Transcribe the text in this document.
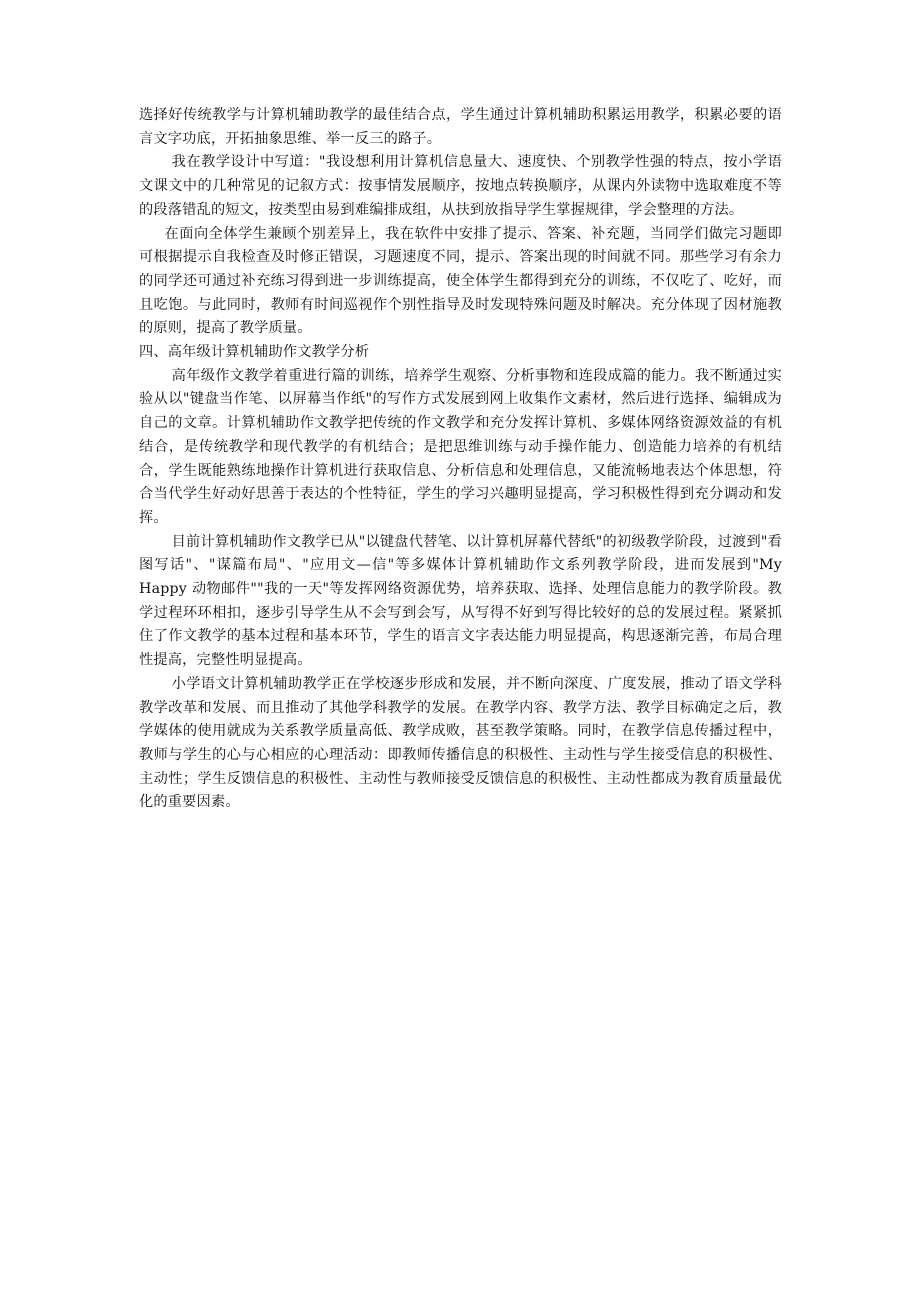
选择好传统教学与计算机辅助教学的最佳结合点，学生通过计算机辅助积累运用教学，积累必要的语言文字功底，开拓抽象思维、举一反三的路子。

我在教学设计中写道："我设想利用计算机信息量大、速度快、个别教学性强的特点，按小学语文课文中的几种常见的记叙方式：按事情发展顺序，按地点转换顺序，从课内外读物中选取难度不等的段落错乱的短文，按类型由易到难编排成组，从扶到放指导学生掌握规律，学会整理的方法。

在面向全体学生兼顾个别差异上，我在软件中安排了提示、答案、补充题，当同学们做完习题即可根据提示自我检查及时修正错误，习题速度不同，提示、答案出现的时间就不同。那些学习有余力的同学还可通过补充练习得到进一步训练提高，使全体学生都得到充分的训练，不仅吃了、吃好，而且吃饱。与此同时，教师有时间巡视作个别性指导及时发现特殊问题及时解决。充分体现了因材施教的原则，提高了教学质量。

四、高年级计算机辅助作文教学分析

高年级作文教学着重进行篇的训练，培养学生观察、分析事物和连段成篇的能力。我不断通过实验从以"键盘当作笔、以屏幕当作纸"的写作方式发展到网上收集作文素材，然后进行选择、编辑成为自己的文章。计算机辅助作文教学把传统的作文教学和充分发挥计算机、多媒体网络资源效益的有机结合，是传统教学和现代教学的有机结合；是把思维训练与动手操作能力、创造能力培养的有机结合，学生既能熟练地操作计算机进行获取信息、分析信息和处理信息，又能流畅地表达个体思想，符合当代学生好动好思善于表达的个性特征，学生的学习兴趣明显提高，学习积极性得到充分调动和发挥。

目前计算机辅助作文教学已从"以键盘代替笔、以计算机屏幕代替纸"的初级教学阶段，过渡到"看图写话"、"谋篇布局"、"应用文—信"等多媒体计算机辅助作文系列教学阶段，进而发展到"My Happy 动物邮件""我的一天"等发挥网络资源优势，培养获取、选择、处理信息能力的教学阶段。教学过程环环相扣，逐步引导学生从不会写到会写，从写得不好到写得比较好的总的发展过程。紧紧抓住了作文教学的基本过程和基本环节，学生的语言文字表达能力明显提高，构思逐渐完善，布局合理性提高，完整性明显提高。

小学语文计算机辅助教学正在学校逐步形成和发展，并不断向深度、广度发展，推动了语文学科教学改革和发展、而且推动了其他学科教学的发展。在教学内容、教学方法、教学目标确定之后，教学媒体的使用就成为关系教学质量高低、教学成败，甚至教学策略。同时，在教学信息传播过程中，教师与学生的心与心相应的心理活动：即教师传播信息的积极性、主动性与学生接受信息的积极性、主动性；学生反馈信息的积极性、主动性与教师接受反馈信息的积极性、主动性都成为教育质量最优化的重要因素。
